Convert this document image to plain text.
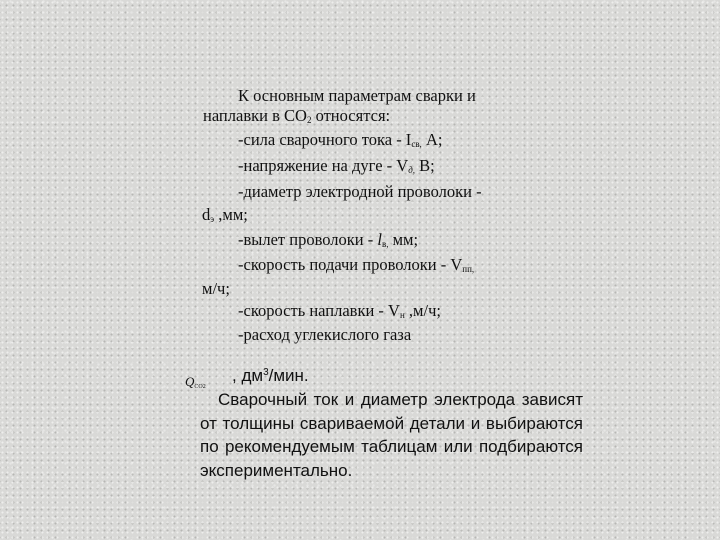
К основным параметрам сварки и
наплавки в $СО_2$ относятся:
-сила сварочного тока - $I_{св,}$ А;
-напряжение на дуге - $V_{д,}$ В;
-диаметр электродной проволоки -
$d_э$ ,мм;
-вылет проволоки - $l_{в,}$ мм;
-скорость подачи проволоки - $V_{пп,}$
м/ч;
-скорость наплавки - $V_н$ ,м/ч;
-расход углекислого газа
$Q_{CO2}$
, $дм^3$/мин.
Сварочный ток и диаметр электрода зависят от толщины свариваемой детали и выбираются по рекомендуемым таблицам или подбираются экспериментально.
